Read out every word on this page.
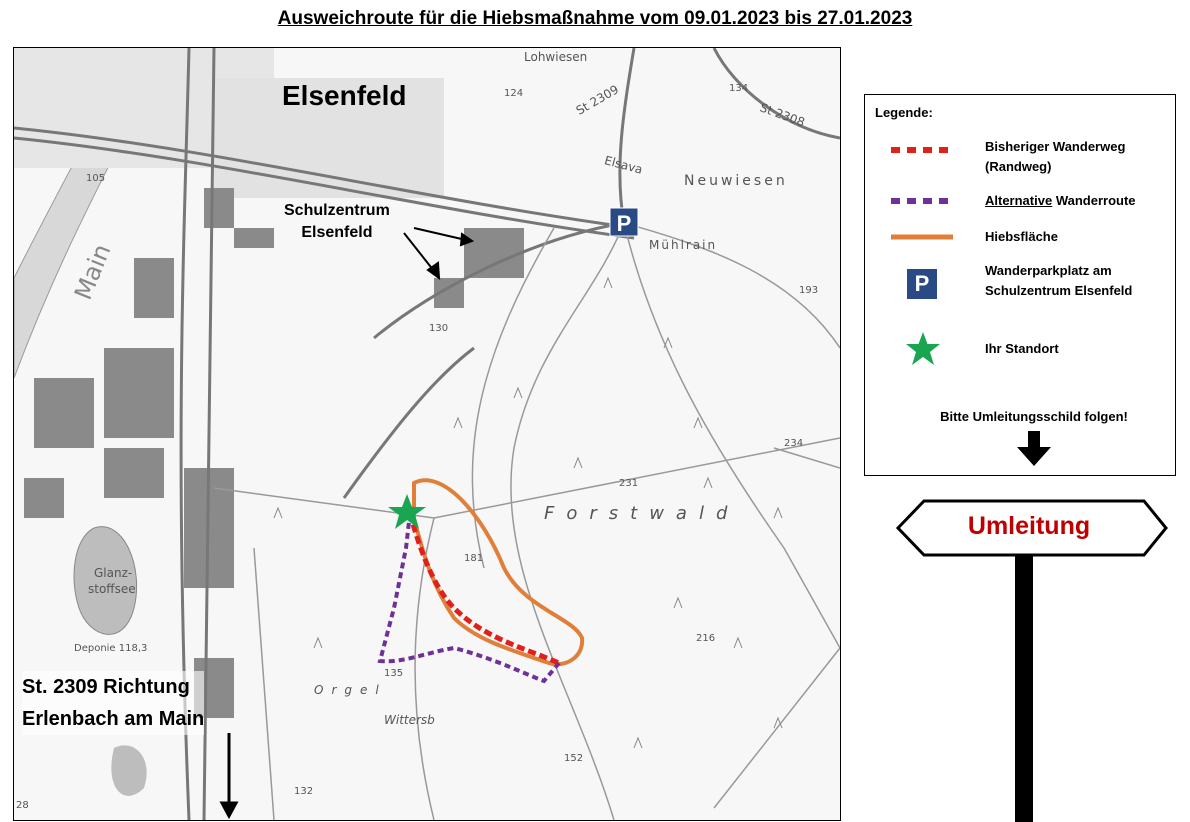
Ausweichroute für die Hiebsmaßnahme vom 09.01.2023 bis 27.01.2023
P
Elsenfeld
Schulzentrum
Elsenfeld
St. 2309 Richtung
Erlenbach am Main
Main
Lohwiesen
St 2309	St 2308
Elsava
Neuwiesen
Mühlrain
Forstwald
Glanz-
stoffsee
Deponie 118,3
Orgel
Wittersb
124	134
193
105
130
181
231
216
234
135
152
132
28
Legende:
Bisheriger Wanderweg
(Randweg)
Alternative Wanderroute
Hiebsfläche
P
Wanderparkplatz am
Schulzentrum Elsenfeld
Ihr Standort
Bitte Umleitungsschild folgen!
Umleitung
